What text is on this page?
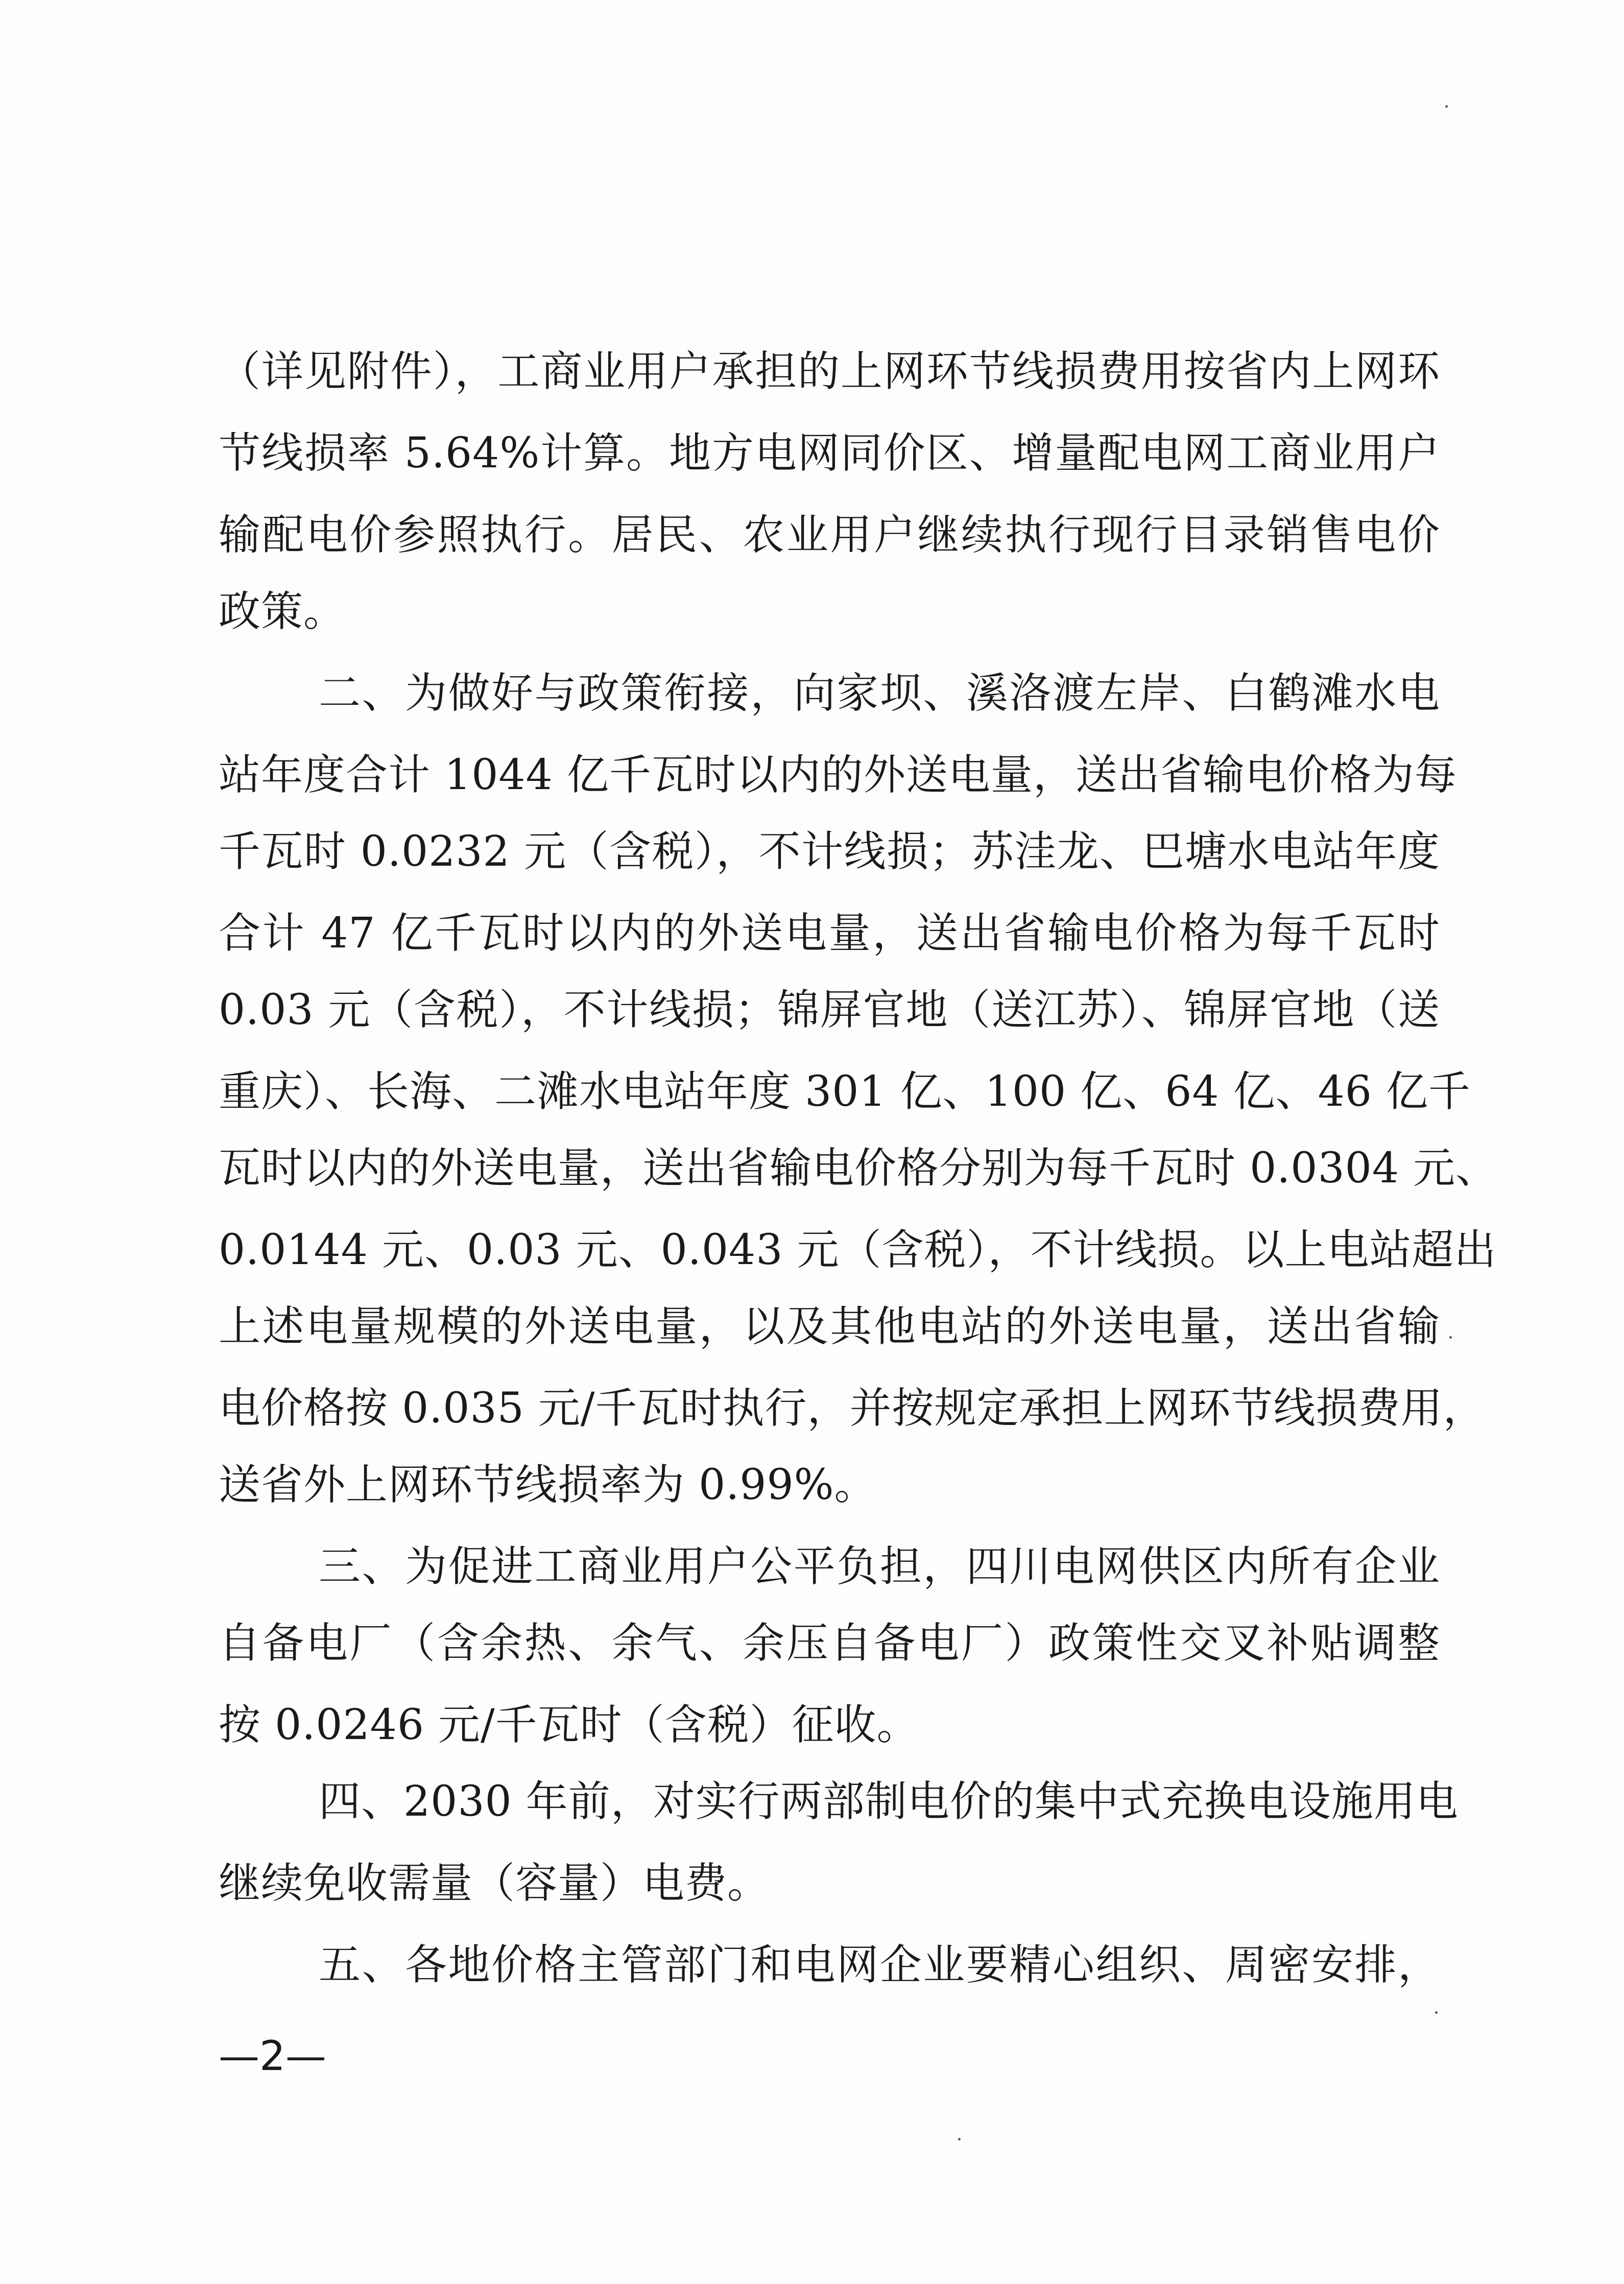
（详见附件），工商业用户承担的上网环节线损费用按省内上网环
节线损率 5.64%计算。地方电网同价区、增量配电网工商业用户
输配电价参照执行。居民、农业用户继续执行现行目录销售电价
政策。
二、为做好与政策衔接，向家坝、溪洛渡左岸、白鹤滩水电
站年度合计 1044 亿千瓦时以内的外送电量，送出省输电价格为每
千瓦时 0.0232 元（含税），不计线损；苏洼龙、巴塘水电站年度
合计 47 亿千瓦时以内的外送电量，送出省输电价格为每千瓦时
0.03 元（含税），不计线损；锦屏官地（送江苏）、锦屏官地（送
重庆）、长海、二滩水电站年度 301 亿、100 亿、64 亿、46 亿千
瓦时以内的外送电量，送出省输电价格分别为每千瓦时 0.0304 元、
0.0144 元、0.03 元、0.043 元（含税），不计线损。以上电站超出
上述电量规模的外送电量，以及其他电站的外送电量，送出省输
电价格按 0.035 元/千瓦时执行，并按规定承担上网环节线损费用，
送省外上网环节线损率为 0.99%。
三、为促进工商业用户公平负担，四川电网供区内所有企业
自备电厂（含余热、余气、余压自备电厂）政策性交叉补贴调整
按 0.0246 元/千瓦时（含税）征收。
四、2030 年前，对实行两部制电价的集中式充换电设施用电
继续免收需量（容量）电费。
五、各地价格主管部门和电网企业要精心组织、周密安排，
—2—
